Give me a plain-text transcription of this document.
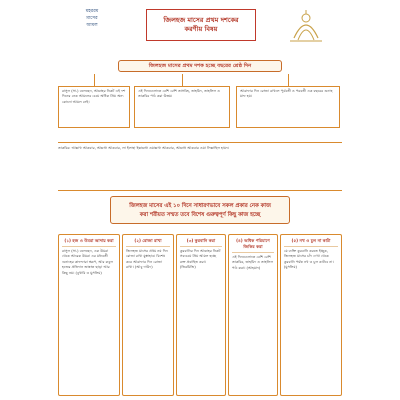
মহররম
মাসের
আমল
জিলহজ মাসের প্রথম দশকের
করণীয় বিষয়
জিলহজ মাসের প্রথম দশক হচ্ছে বছরের শ্রেষ্ঠ দিন
রাসুল (সা.) বলেছেন, আল্লাহর নিকট এই দশ দিনের নেক আমলের চেয়ে অধিক প্রিয় অন্য কোনো আমল নেই।
এই দিনগুলোতে বেশি বেশি তাসবিহ, তাহমিদ, তাহলিল ও তাকবির পাঠ করা উত্তম।
আরাফার দিন রোজা রাখলে পূর্ববর্তী ও পরবর্তী এক বছরের গুনাহ মাফ হয়।
তাকবির: আল্লাহু আকবার, আল্লাহু আকবার, লা ইলাহা ইল্লাল্লাহু ওয়াল্লাহু আকবার, আল্লাহু আকবার ওয়া লিল্লাহিল হামদ।
জিলহজ মাসের এই ১০ দিনে সাধারণভাবে সকল প্রকার নেক কাজ
করা শরীয়ত সম্মত তবে বিশেষ গুরুত্বপূর্ণ কিছু কাজ হচ্ছে
(১) হজ ও উমরা আদায় করা
রাসুল (সা.) বলেছেন, এক উমরা থেকে আরেক উমরা এর মধ্যবর্তী গুনাহের কাফফারা স্বরূপ, আর কবুল হজের প্রতিদান জান্নাত ছাড়া আর কিছু নয়। (বুখারি ও মুসলিম)
(২) রোজা রাখা
জিলহজ মাসের প্রথম নয় দিন রোজা রাখা মুস্তাহাব। বিশেষ করে আরাফার দিন রোজা রাখা। (আবু দাউদ)
(৩) কুরবানি করা
কুরবানির দিন আল্লাহর নিকট সবচেয়ে প্রিয় আমল হচ্ছে রক্ত প্রবাহিত করা। (তিরমিজি)
(৪) অধিক পরিমাণে জিকির করা
এই দিনগুলোতে বেশি বেশি তাকবির, তাহমিদ ও তাহলিল পাঠ করা। (আহমাদ)
(৫) নখ ও চুল না কাটা
যে ব্যক্তি কুরবানি করতে ইচ্ছুক, জিলহজ মাসের চাঁদ দেখা থেকে কুরবানি পর্যন্ত নখ ও চুল কাটবে না। (মুসলিম)
